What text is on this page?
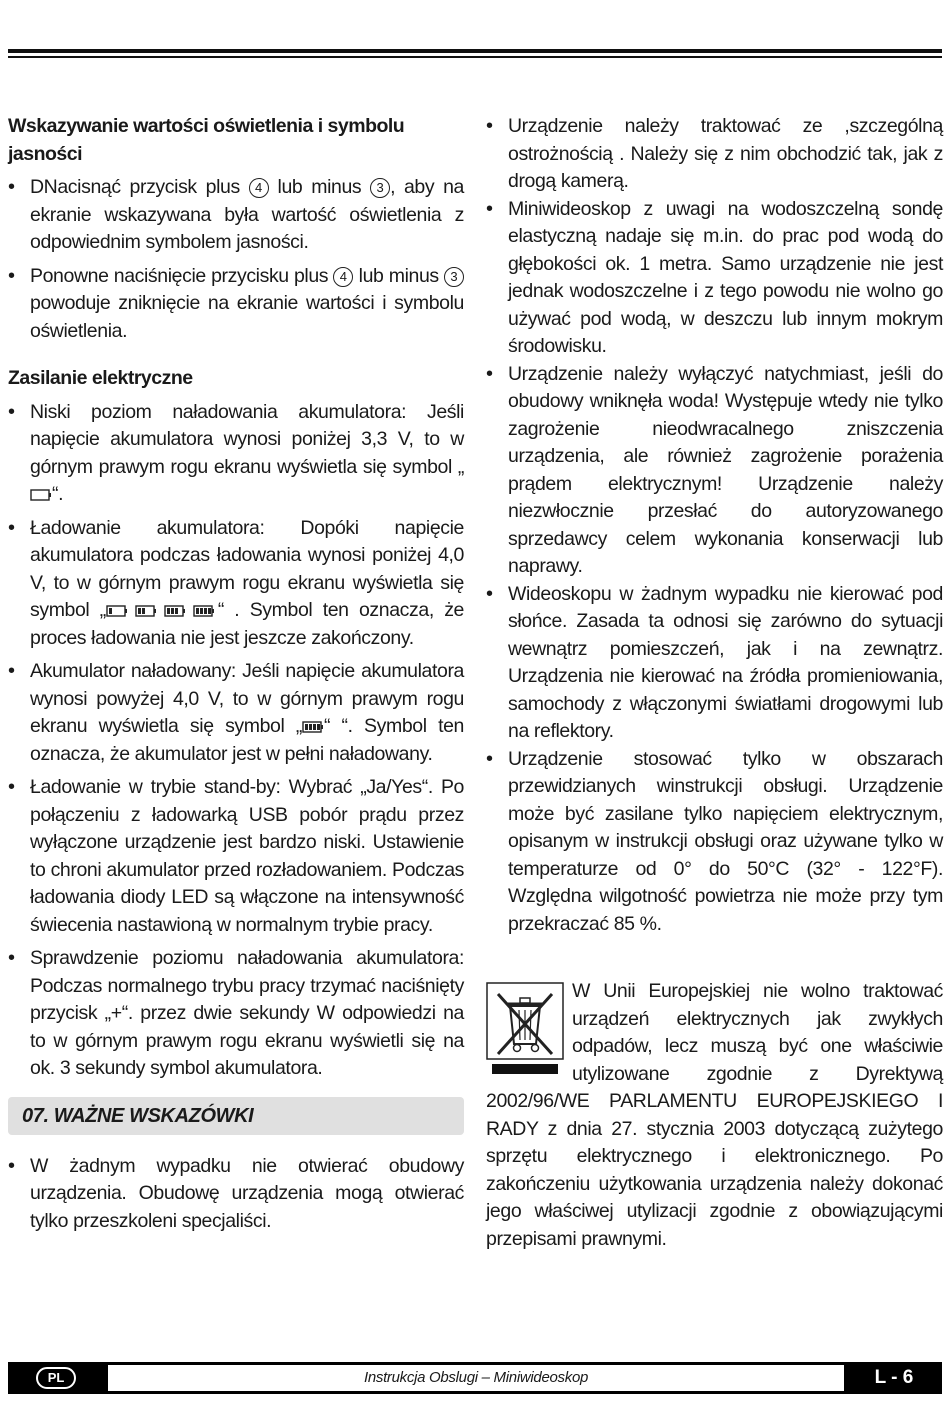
Wskazywanie wartości oświetlenia i symbolu jasności
• DNacisnąć przycisk plus 4 lub minus 3 , aby na ekranie wskazywana była wartość oświetlenia z odpowiednim symbolem jasności.
• Ponowne naciśnięcie przycisku plus 4 lub minus 3 powoduje zniknięcie na ekranie wartości i symbolu oświetlenia.
Zasilanie elektryczne
• Niski poziom naładowania akumulatora: Jeśli napięcie akumulatora wynosi poniżej 3,3 V, to w górnym prawym rogu ekranu wyświetla się symbol „“.
• Ładowanie akumulatora: Dopóki napięcie akumulatora podczas ładowania wynosi poniżej 4,0 V, to w górnym prawym rogu ekranu wyświetla się symbol „	“ . Symbol ten oznacza, że proces ładowania nie jest jeszcze zakończony.
• Akumulator naładowany: Jeśli napięcie akumulatora wynosi powyżej 4,0 V, to w górnym prawym rogu ekranu wyświetla się symbol „ “ “. Symbol ten oznacza, że akumulator jest w pełni naładowany.
• Ładowanie w trybie stand-by: Wybrać „Ja/Yes“. Po połączeniu z ładowarką USB pobór prądu przez wyłączone urządzenie jest bardzo niski. Ustawienie to chroni akumulator przed rozładowaniem. Podczas ładowania diody LED są włączone na intensywność świecenia nastawioną w normalnym trybie pracy.
• Sprawdzenie poziomu naładowania akumulatora: Podczas normalnego trybu pracy trzymać naciśnięty przycisk „+“. przez dwie sekundy W odpowiedzi na to w górnym prawym rogu ekranu wyświetli się na ok. 3 sekundy symbol akumulatora.
07. WAŻNE WSKAZÓWKI
• W żadnym wypadku nie otwierać obudowy urządzenia. Obudowę urządzenia mogą otwierać tylko przeszkoleni specjaliści.
• Urządzenie należy traktować ze ,szczególną ostrożnością . Należy się z nim obchodzić tak, jak z drogą kamerą.
• Miniwideoskop z uwagi na wodoszczelną sondę elastyczną nadaje się m.in. do prac pod wodą do głębokości ok. 1 metra. Samo urządzenie nie jest jednak wodoszczelne i z tego powodu nie wolno go używać pod wodą, w deszczu lub innym mokrym środowisku.
• Urządzenie należy wyłączyć natychmiast, jeśli do obudowy wniknęła woda! Występuje wtedy nie tylko zagrożenie nieodwracalnego zniszczenia urządzenia, ale również zagrożenie porażenia prądem elektrycznym! Urządzenie należy niezwłocznie przesłać do autoryzowanego sprzedawcy celem wykonania konserwacji lub naprawy.
• Wideoskopu w żadnym wypadku nie kierować pod słońce. Zasada ta odnosi się zarówno do sytuacji wewnątrz pomieszczeń, jak i na zewnątrz. Urządzenia nie kierować na źródła promieniowania, samochody z włączonymi światłami drogowymi lub na reflektory.
• Urządzenie stosować tylko w obszarach przewidzianych winstrukcji obsługi. Urządzenie może być zasilane tylko napięciem elektrycznym, opisanym w instrukcji obsługi oraz używane tylko w temperaturze od 0° do 50°C (32° - 122°F). Względna wilgotność powietrza nie może przy tym przekraczać 85 %.
W Unii Europejskiej nie wolno traktować urządzeń elektrycznych jak zwykłych odpadów, lecz muszą być one właściwie utylizowane zgodnie z Dyrektywą 2002/96/WE PARLAMENTU EUROPEJSKIEGO I RADY z dnia 27. stycznia 2003 dotyczącą zużytego sprzętu elektrycznego i elektronicznego. Po zakończeniu użytkowania urządzenia należy dokonać jego właściwej utylizacji zgodnie z obowiązującymi przepisami prawnymi.
PL	Instrukcja Obslugi – Miniwideoskop	L - 6
